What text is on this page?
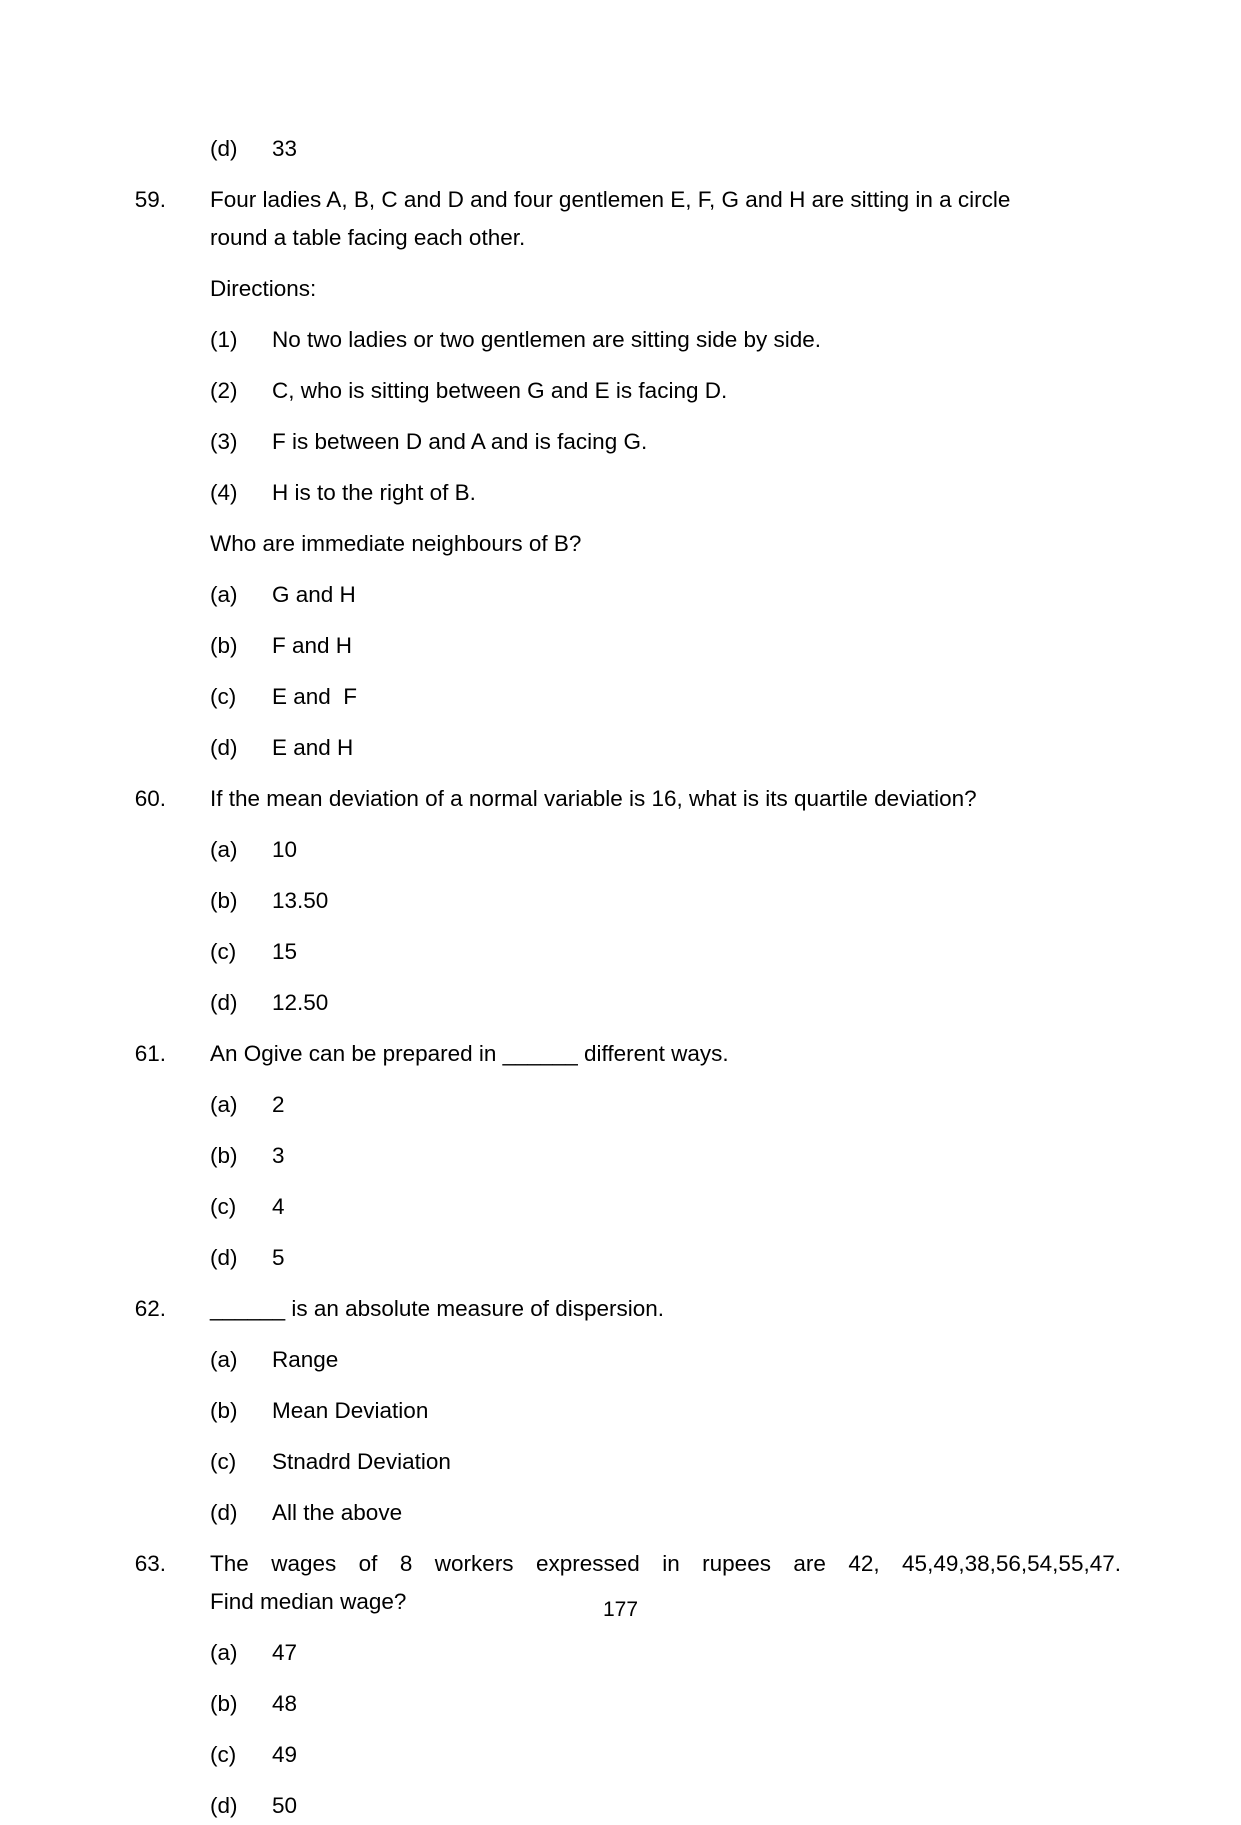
(d)	33
59.	Four ladies A, B, C and D and four gentlemen E, F, G and H are sitting in a circle
round a table facing each other.
Directions:
(1)	No two ladies or two gentlemen are sitting side by side.
(2)	C, who is sitting between G and E is facing D.
(3)	F is between D and A and is facing G.
(4)	H is to the right of B.
Who are immediate neighbours of B?
(a)	G and H
(b)	F and H
(c)	E and  F
(d)	E and H
60.	If the mean deviation of a normal variable is 16, what is its quartile deviation?
(a)	10
(b)	13.50
(c)	15
(d)	12.50
61.	An Ogive can be prepared in ______ different ways.
(a)	2
(b)	3
(c)	4
(d)	5
62.	______ is an absolute measure of dispersion.
(a)	Range
(b)	Mean Deviation
(c)	Stnadrd Deviation
(d)	All the above
63.	The wages of 8 workers expressed in rupees are 42, 45,49,38,56,54,55,47.
Find median wage?
(a)	47
(b)	48
(c)	49
(d)	50
177
